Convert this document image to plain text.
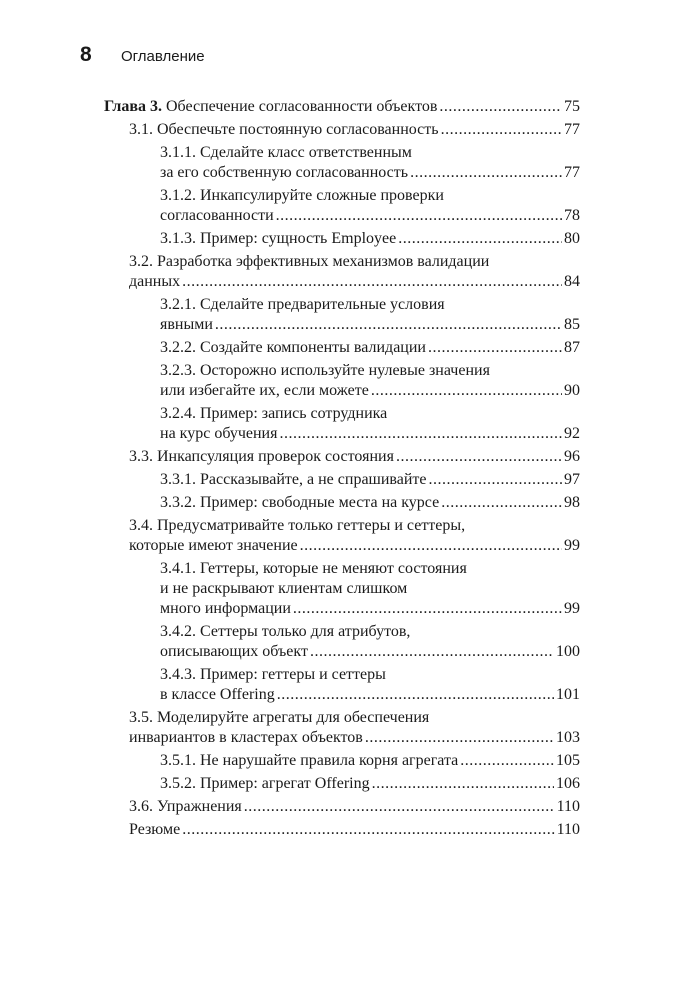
8	Оглавление
Глава 3. Обеспечение согласованности объектов .....	75
3.1. Обеспечьте постоянную согласованность .....	77
3.1.1. Сделайте класс ответственным
за его собственную согласованность .....	77
3.1.2. Инкапсулируйте сложные проверки
согласованности .....	78
3.1.3. Пример: сущность Employee .....	80
3.2. Разработка эффективных механизмов валидации
данных .....	84
3.2.1. Сделайте предварительные условия
явными .....	85
3.2.2. Создайте компоненты валидации .....	87
3.2.3. Осторожно используйте нулевые значения
или избегайте их, если можете .....	90
3.2.4. Пример: запись сотрудника
на курс обучения .....	92
3.3. Инкапсуляция проверок состояния .....	96
3.3.1. Рассказывайте, а не спрашивайте .....	97
3.3.2. Пример: свободные места на курсе .....	98
3.4. Предусматривайте только геттеры и сеттеры,
которые имеют значение .....	99
3.4.1. Геттеры, которые не меняют состояния
и не раскрывают клиентам слишком
много информации .....	99
3.4.2. Сеттеры только для атрибутов,
описывающих объект .....	100
3.4.3. Пример: геттеры и сеттеры
в классе Offering .....	101
3.5. Моделируйте агрегаты для обеспечения
инвариантов в кластерах объектов .....	103
3.5.1. Не нарушайте правила корня агрегата .....	105
3.5.2. Пример: агрегат Offering .....	106
3.6. Упражнения .....	110
Резюме .....	110
